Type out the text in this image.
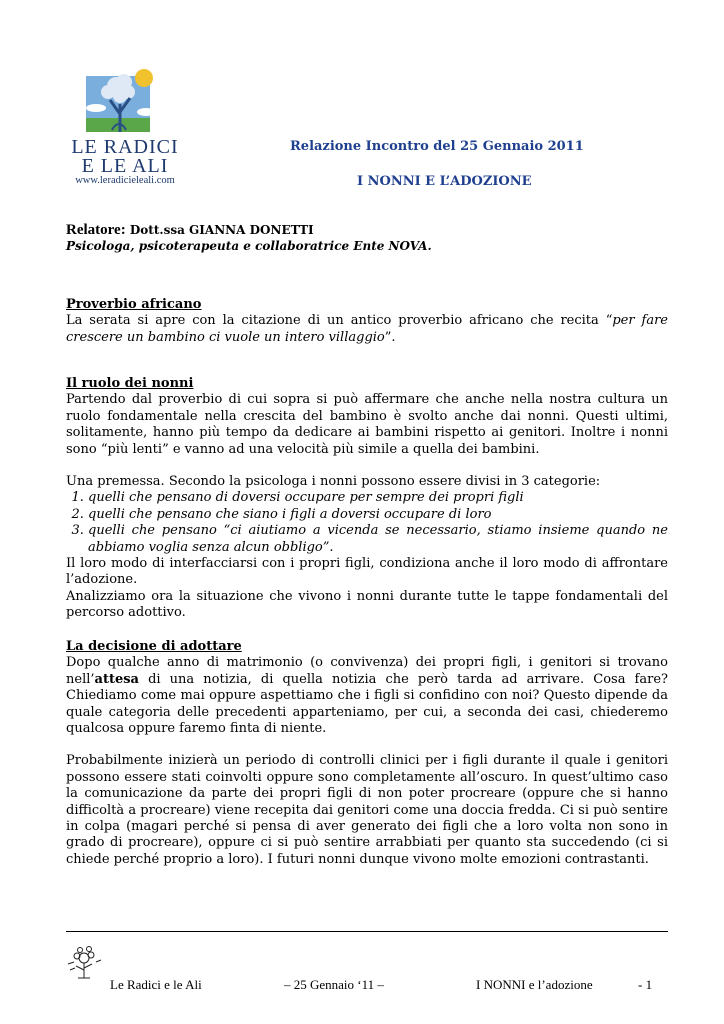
LE RADICI E LE ALI
www.leradicieleali.com
Relazione Incontro del 25 Gennaio 2011
I NONNI E L’ADOZIONE
Relatore: Dott.ssa GIANNA DONETTI
Psicologa, psicoterapeuta e collaboratrice Ente NOVA.
Proverbio africano
La serata si apre con la citazione di un antico proverbio africano che recita “per fare crescere un bambino ci vuole un intero villaggio”.
Il ruolo dei nonni
Partendo dal proverbio di cui sopra si può affermare che anche nella nostra cultura un ruolo fondamentale nella crescita del bambino è svolto anche dai nonni. Questi ultimi, solitamente, hanno più tempo da dedicare ai bambini rispetto ai genitori. Inoltre i nonni sono “più lenti” e vanno ad una velocità più simile a quella dei bambini.
Una premessa. Secondo la psicologa i nonni possono essere divisi in 3 categorie:
1. quelli che pensano di doversi occupare per sempre dei propri figli
2. quelli che pensano che siano i figli a doversi occupare di loro
3. quelli che pensano “ci aiutiamo a vicenda se necessario, stiamo insieme quando ne abbiamo voglia senza alcun obbligo”.
Il loro modo di interfacciarsi con i propri figli, condiziona anche il loro modo di affrontare l’adozione.
Analizziamo ora la situazione che vivono i nonni durante tutte le tappe fondamentali del percorso adottivo.
La decisione di adottare
Dopo qualche anno di matrimonio (o convivenza) dei propri figli, i genitori si trovano nell’attesa di una notizia, di quella notizia che però tarda ad arrivare. Cosa fare? Chiediamo come mai oppure aspettiamo che i figli si confidino con noi? Questo dipende da quale categoria delle precedenti apparteniamo, per cui, a seconda dei casi, chiederemo qualcosa oppure faremo finta di niente.
Probabilmente inizierà un periodo di controlli clinici per i figli durante il quale i genitori possono essere stati coinvolti oppure sono completamente all’oscuro. In quest’ultimo caso la comunicazione da parte dei propri figli di non poter procreare (oppure che si hanno difficoltà a procreare) viene recepita dai genitori come una doccia fredda. Ci si può sentire in colpa (magari perché si pensa di aver generato dei figli che a loro volta non sono in grado di procreare), oppure ci si può sentire arrabbiati per quanto sta succedendo (ci si chiede perché proprio a loro). I futuri nonni dunque vivono molte emozioni contrastanti.
Le Radici e le Ali	– 25 Gennaio ‘11 –	I NONNI e l’adozione	- 1
